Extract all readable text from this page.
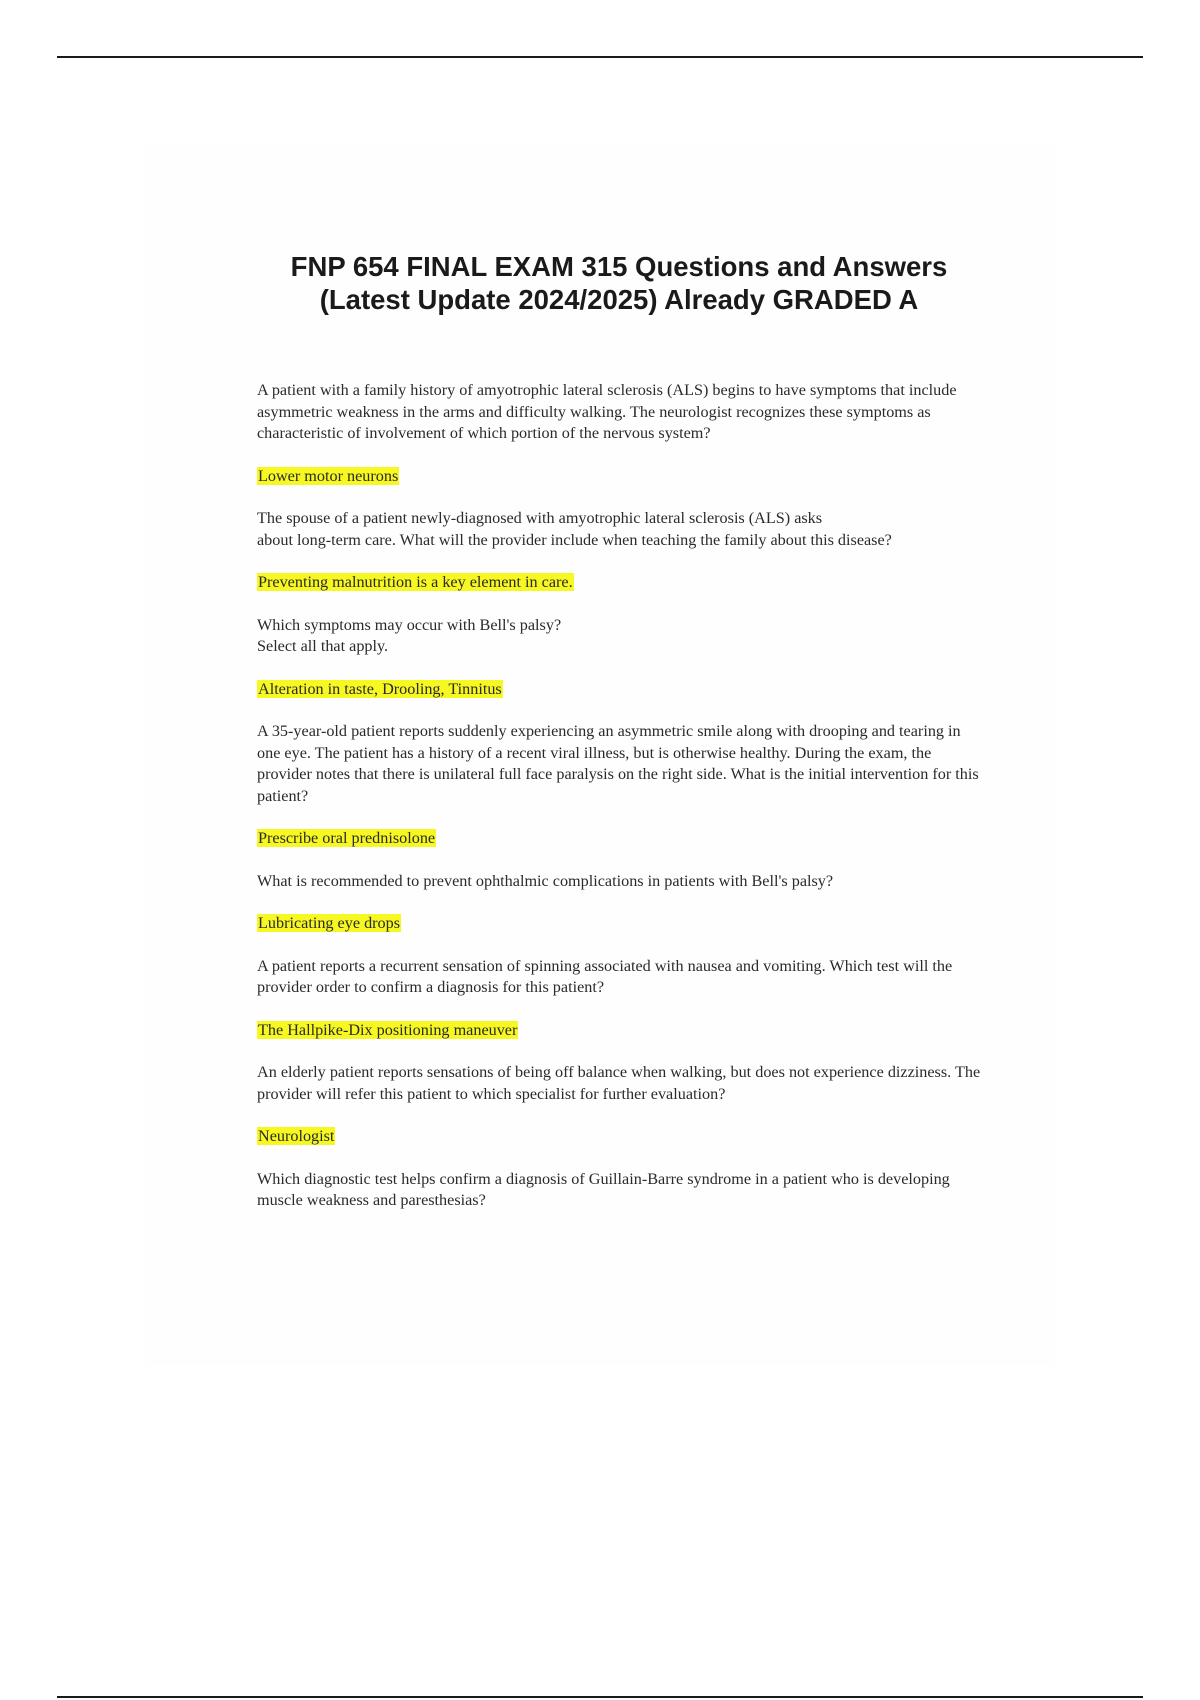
FNP 654 FINAL EXAM 315 Questions and Answers
(Latest Update 2024/2025) Already GRADED A

A patient with a family history of amyotrophic lateral sclerosis (ALS) begins to have symptoms that include asymmetric weakness in the arms and difficulty walking. The neurologist recognizes these symptoms as characteristic of involvement of which portion of the nervous system?

Lower motor neurons

The spouse of a patient newly-diagnosed with amyotrophic lateral sclerosis (ALS) asks
about long-term care. What will the provider include when teaching the family about this disease?

Preventing malnutrition is a key element in care.

Which symptoms may occur with Bell's palsy?
Select all that apply.

Alteration in taste, Drooling, Tinnitus

A 35-year-old patient reports suddenly experiencing an asymmetric smile along with drooping and tearing in one eye. The patient has a history of a recent viral illness, but is otherwise healthy. During the exam, the provider notes that there is unilateral full face paralysis on the right side. What is the initial intervention for this patient?

Prescribe oral prednisolone

What is recommended to prevent ophthalmic complications in patients with Bell's palsy?

Lubricating eye drops

A patient reports a recurrent sensation of spinning associated with nausea and vomiting. Which test will the provider order to confirm a diagnosis for this patient?

The Hallpike-Dix positioning maneuver

An elderly patient reports sensations of being off balance when walking, but does not experience dizziness. The provider will refer this patient to which specialist for further evaluation?

Neurologist

Which diagnostic test helps confirm a diagnosis of Guillain-Barre syndrome in a patient who is developing muscle weakness and paresthesias?
